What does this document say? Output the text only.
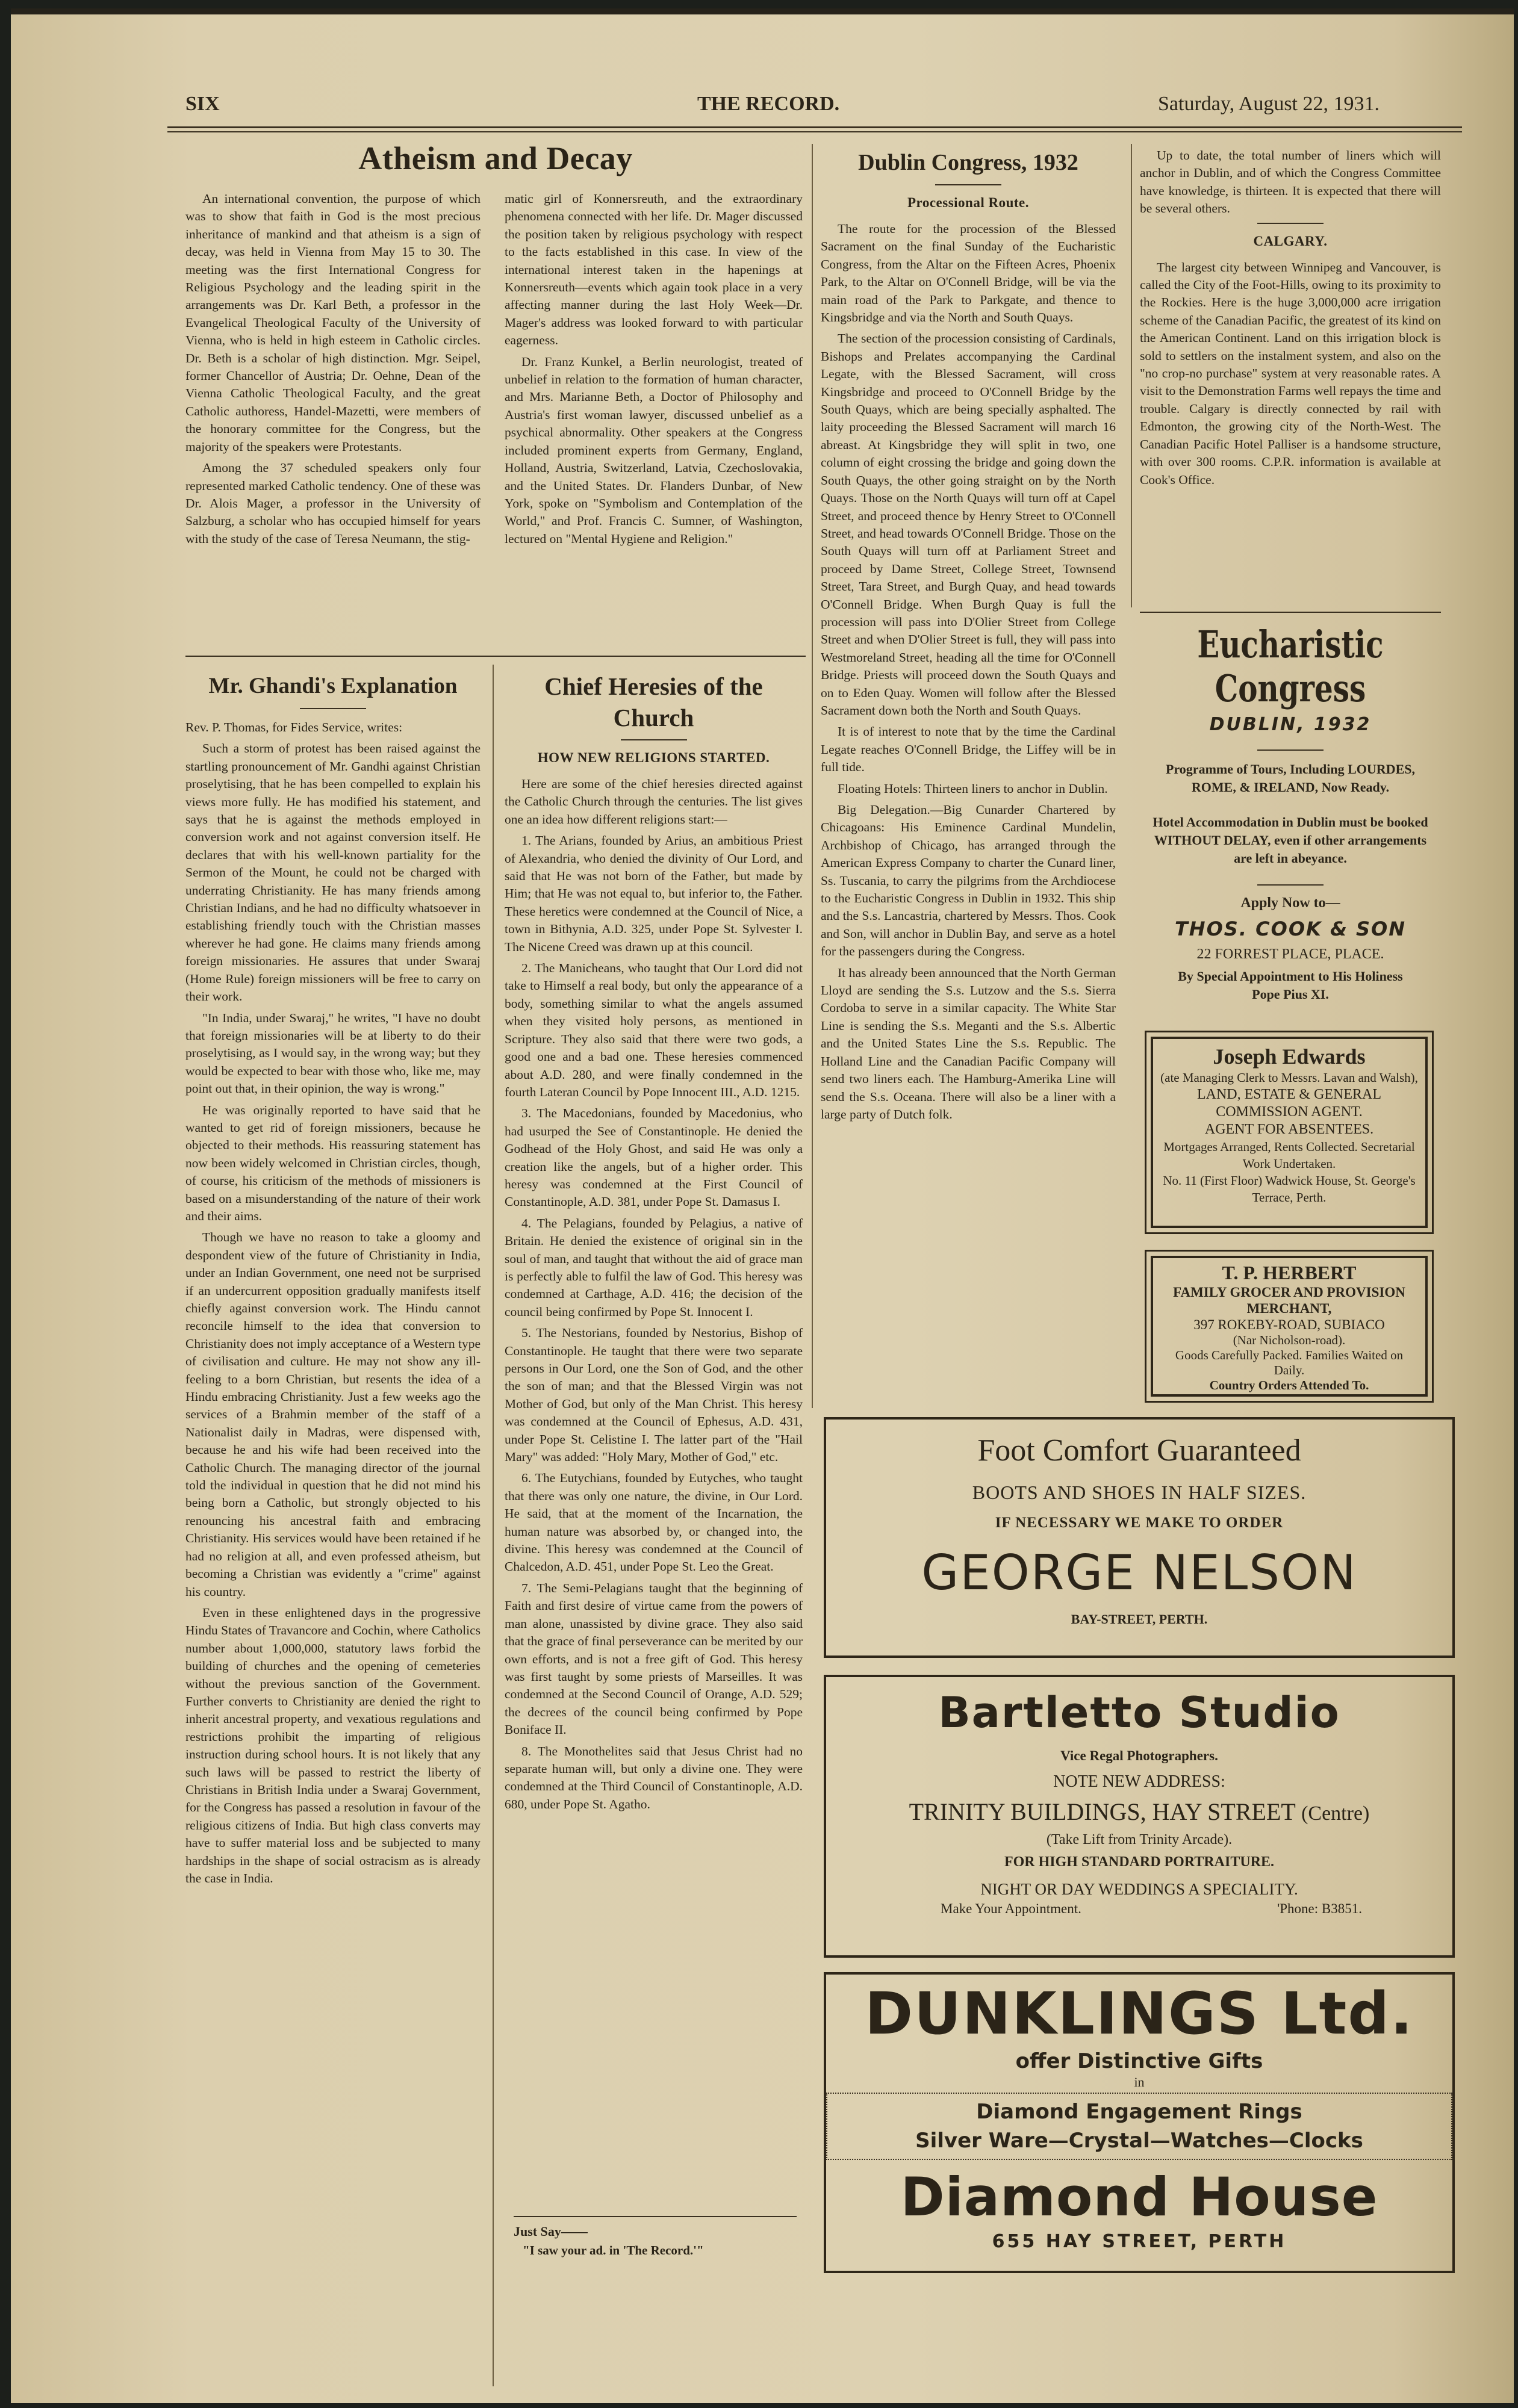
SIX	THE RECORD.	Saturday, August 22, 1931.
Atheism and Decay

An international convention, the purpose of which was to show that faith in God is the most precious inheritance of mankind and that atheism is a sign of decay, was held in Vienna from May 15 to 30. The meeting was the first International Congress for Religious Psychology and the leading spirit in the arrangements was Dr. Karl Beth, a professor in the Evangelical Theological Faculty of the University of Vienna, who is held in high esteem in Catholic circles. Dr. Beth is a scholar of high distinction. Mgr. Seipel, former Chancellor of Austria; Dr. Oehne, Dean of the Vienna Catholic Theological Faculty, and the great Catholic authoress, Handel-Mazetti, were members of the honorary committee for the Congress, but the majority of the speakers were Protestants.

Among the 37 scheduled speakers only four represented marked Catholic tendency. One of these was Dr. Alois Mager, a professor in the University of Salzburg, a scholar who has occupied himself for years with the study of the case of Teresa Neumann, the stig-

matic girl of Konnersreuth, and the extraordinary phenomena connected with her life. Dr. Mager discussed the position taken by religious psychology with respect to the facts established in this case. In view of the international interest taken in the hapenings at Konnersreuth—events which again took place in a very affecting manner during the last Holy Week—Dr. Mager's address was looked forward to with particular eagerness.

Dr. Franz Kunkel, a Berlin neurologist, treated of unbelief in relation to the formation of human character, and Mrs. Marianne Beth, a Doctor of Philosophy and Austria's first woman lawyer, discussed unbelief as a psychical abnormality. Other speakers at the Congress included prominent experts from Germany, England, Holland, Austria, Switzerland, Latvia, Czechoslovakia, and the United States. Dr. Flanders Dunbar, of New York, spoke on "Symbolism and Contemplation of the World," and Prof. Francis C. Sumner, of Washington, lectured on "Mental Hygiene and Religion."

Mr. Ghandi's Explanation

Rev. P. Thomas, for Fides Service, writes:

Such a storm of protest has been raised against the startling pronouncement of Mr. Gandhi against Christian proselytising, that he has been compelled to explain his views more fully. He has modified his statement, and says that he is against the methods employed in conversion work and not against conversion itself. He declares that with his well-known partiality for the Sermon of the Mount, he could not be charged with underrating Christianity. He has many friends among Christian Indians, and he had no difficulty whatsoever in establishing friendly touch with the Christian masses wherever he had gone. He claims many friends among foreign missionaries. He assures that under Swaraj (Home Rule) foreign missioners will be free to carry on their work.

"In India, under Swaraj," he writes, "I have no doubt that foreign missionaries will be at liberty to do their proselytising, as I would say, in the wrong way; but they would be expected to bear with those who, like me, may point out that, in their opinion, the way is wrong."

He was originally reported to have said that he wanted to get rid of foreign missioners, because he objected to their methods. His reassuring statement has now been widely welcomed in Christian circles, though, of course, his criticism of the methods of missioners is based on a misunderstanding of the nature of their work and their aims.

Though we have no reason to take a gloomy and despondent view of the future of Christianity in India, under an Indian Government, one need not be surprised if an undercurrent opposition gradually manifests itself chiefly against conversion work. The Hindu cannot reconcile himself to the idea that conversion to Christianity does not imply acceptance of a Western type of civilisation and culture. He may not show any ill-feeling to a born Christian, but resents the idea of a Hindu embracing Christianity. Just a few weeks ago the services of a Brahmin member of the staff of a Nationalist daily in Madras, were dispensed with, because he and his wife had been received into the Catholic Church. The managing director of the journal told the individual in question that he did not mind his being born a Catholic, but strongly objected to his renouncing his ancestral faith and embracing Christianity. His services would have been retained if he had no religion at all, and even professed atheism, but becoming a Christian was evidently a "crime" against his country.

Even in these enlightened days in the progressive Hindu States of Travancore and Cochin, where Catholics number about 1,000,000, statutory laws forbid the building of churches and the opening of cemeteries without the previous sanction of the Government. Further converts to Christianity are denied the right to inherit ancestral property, and vexatious regulations and restrictions prohibit the imparting of religious instruction during school hours. It is not likely that any such laws will be passed to restrict the liberty of Christians in British India under a Swaraj Government, for the Congress has passed a resolution in favour of the religious citizens of India. But high class converts may have to suffer material loss and be subjected to many hardships in the shape of social ostracism as is already the case in India.

Chief Heresies of the Church
HOW NEW RELIGIONS STARTED.

Here are some of the chief heresies directed against the Catholic Church through the centuries. The list gives one an idea how different religions start:—

1. The Arians, founded by Arius, an ambitious Priest of Alexandria, who denied the divinity of Our Lord, and said that He was not born of the Father, but made by Him; that He was not equal to, but inferior to, the Father. These heretics were condemned at the Council of Nice, a town in Bithynia, A.D. 325, under Pope St. Sylvester I. The Nicene Creed was drawn up at this council.

2. The Manicheans, who taught that Our Lord did not take to Himself a real body, but only the appearance of a body, something similar to what the angels assumed when they visited holy persons, as mentioned in Scripture. They also said that there were two gods, a good one and a bad one. These heresies commenced about A.D. 280, and were finally condemned in the fourth Lateran Council by Pope Innocent III., A.D. 1215.

3. The Macedonians, founded by Macedonius, who had usurped the See of Constantinople. He denied the Godhead of the Holy Ghost, and said He was only a creation like the angels, but of a higher order. This heresy was condemned at the First Council of Constantinople, A.D. 381, under Pope St. Damasus I.

4. The Pelagians, founded by Pelagius, a native of Britain. He denied the existence of original sin in the soul of man, and taught that without the aid of grace man is perfectly able to fulfil the law of God. This heresy was condemned at Carthage, A.D. 416; the decision of the council being confirmed by Pope St. Innocent I.

5. The Nestorians, founded by Nestorius, Bishop of Constantinople. He taught that there were two separate persons in Our Lord, one the Son of God, and the other the son of man; and that the Blessed Virgin was not Mother of God, but only of the Man Christ. This heresy was condemned at the Council of Ephesus, A.D. 431, under Pope St. Celistine I. The latter part of the "Hail Mary" was added: "Holy Mary, Mother of God," etc.

6. The Eutychians, founded by Eutyches, who taught that there was only one nature, the divine, in Our Lord. He said, that at the moment of the Incarnation, the human nature was absorbed by, or changed into, the divine. This heresy was condemned at the Council of Chalcedon, A.D. 451, under Pope St. Leo the Great.

7. The Semi-Pelagians taught that the beginning of Faith and first desire of virtue came from the powers of man alone, unassisted by divine grace. They also said that the grace of final perseverance can be merited by our own efforts, and is not a free gift of God. This heresy was first taught by some priests of Marseilles. It was condemned at the Second Council of Orange, A.D. 529; the decrees of the council being confirmed by Pope Boniface II.

8. The Monothelites said that Jesus Christ had no separate human will, but only a divine one. They were condemned at the Third Council of Constantinople, A.D. 680, under Pope St. Agatho.

Just Say——
"I saw your ad. in 'The Record.'"
Dublin Congress, 1932
Processional Route.

The route for the procession of the Blessed Sacrament on the final Sunday of the Eucharistic Congress, from the Altar on the Fifteen Acres, Phoenix Park, to the Altar on O'Connell Bridge, will be via the main road of the Park to Parkgate, and thence to Kingsbridge and via the North and South Quays.

The section of the procession consisting of Cardinals, Bishops and Prelates accompanying the Cardinal Legate, with the Blessed Sacrament, will cross Kingsbridge and proceed to O'Connell Bridge by the South Quays, which are being specially asphalted. The laity proceeding the Blessed Sacrament will march 16 abreast. At Kingsbridge they will split in two, one column of eight crossing the bridge and going down the South Quays, the other going straight on by the North Quays. Those on the North Quays will turn off at Capel Street, and proceed thence by Henry Street to O'Connell Street, and head towards O'Connell Bridge. Those on the South Quays will turn off at Parliament Street and proceed by Dame Street, College Street, Townsend Street, Tara Street, and Burgh Quay, and head towards O'Connell Bridge. When Burgh Quay is full the procession will pass into D'Olier Street from College Street and when D'Olier Street is full, they will pass into Westmoreland Street, heading all the time for O'Connell Bridge. Priests will proceed down the South Quays and on to Eden Quay. Women will follow after the Blessed Sacrament down both the North and South Quays.

It is of interest to note that by the time the Cardinal Legate reaches O'Connell Bridge, the Liffey will be in full tide.

Floating Hotels: Thirteen liners to anchor in Dublin.

Big Delegation.—Big Cunarder Chartered by Chicagoans: His Eminence Cardinal Mundelin, Archbishop of Chicago, has arranged through the American Express Company to charter the Cunard liner, Ss. Tuscania, to carry the pilgrims from the Archdiocese to the Eucharistic Congress in Dublin in 1932. This ship and the S.s. Lancastria, chartered by Messrs. Thos. Cook and Son, will anchor in Dublin Bay, and serve as a hotel for the passengers during the Congress.

It has already been announced that the North German Lloyd are sending the S.s. Lutzow and the S.s. Sierra Cordoba to serve in a similar capacity. The White Star Line is sending the S.s. Meganti and the S.s. Albertic and the United States Line the S.s. Republic. The Holland Line and the Canadian Pacific Company will send two liners each. The Hamburg-Amerika Line will send the S.s. Oceana. There will also be a liner with a large party of Dutch folk.

Up to date, the total number of liners which will anchor in Dublin, and of which the Congress Committee have knowledge, is thirteen. It is expected that there will be several others.

CALGARY.

The largest city between Winnipeg and Vancouver, is called the City of the Foot-Hills, owing to its proximity to the Rockies. Here is the huge 3,000,000 acre irrigation scheme of the Canadian Pacific, the greatest of its kind on the American Continent. Land on this irrigation block is sold to settlers on the instalment system, and also on the "no crop-no purchase" system at very reasonable rates. A visit to the Demonstration Farms well repays the time and trouble. Calgary is directly connected by rail with Edmonton, the growing city of the North-West. The Canadian Pacific Hotel Palliser is a handsome structure, with over 300 rooms. C.P.R. information is available at Cook's Office.

Eucharistic Congress
DUBLIN, 1932
Programme of Tours, Including LOURDES, ROME, & IRELAND, Now Ready.
Hotel Accommodation in Dublin must be booked WITHOUT DELAY, even if other arrangements are left in abeyance.
Apply Now to—
THOS. COOK & SON
22 FORREST PLACE, PLACE.
By Special Appointment to His Holiness Pope Pius XI.
Joseph Edwards
(ate Managing Clerk to Messrs. Lavan and Walsh),
LAND, ESTATE & GENERAL COMMISSION AGENT.
AGENT FOR ABSENTEES.
Mortgages Arranged, Rents Collected. Secretarial Work Undertaken.
No. 11 (First Floor) Wadwick House, St. George's Terrace, Perth.
T. P. HERBERT
FAMILY GROCER AND PROVISION MERCHANT,
397 ROKEBY-ROAD, SUBIACO
(Nar Nicholson-road).
Goods Carefully Packed. Families Waited on Daily.
Country Orders Attended To.
Foot Comfort Guaranteed
BOOTS AND SHOES IN HALF SIZES.
IF NECESSARY WE MAKE TO ORDER
GEORGE NELSON
BAY-STREET, PERTH.
Bartletto Studio
Vice Regal Photographers.
NOTE NEW ADDRESS:
TRINITY BUILDINGS, HAY STREET (Centre)
(Take Lift from Trinity Arcade).
FOR HIGH STANDARD PORTRAITURE.
NIGHT OR DAY WEDDINGS A SPECIALITY.
Make Your Appointment.	'Phone: B3851.
DUNKLINGS Ltd.
offer Distinctive Gifts
in
Diamond Engagement Rings
Silver Ware—Crystal—Watches—Clocks
Diamond House
655 HAY STREET, PERTH
